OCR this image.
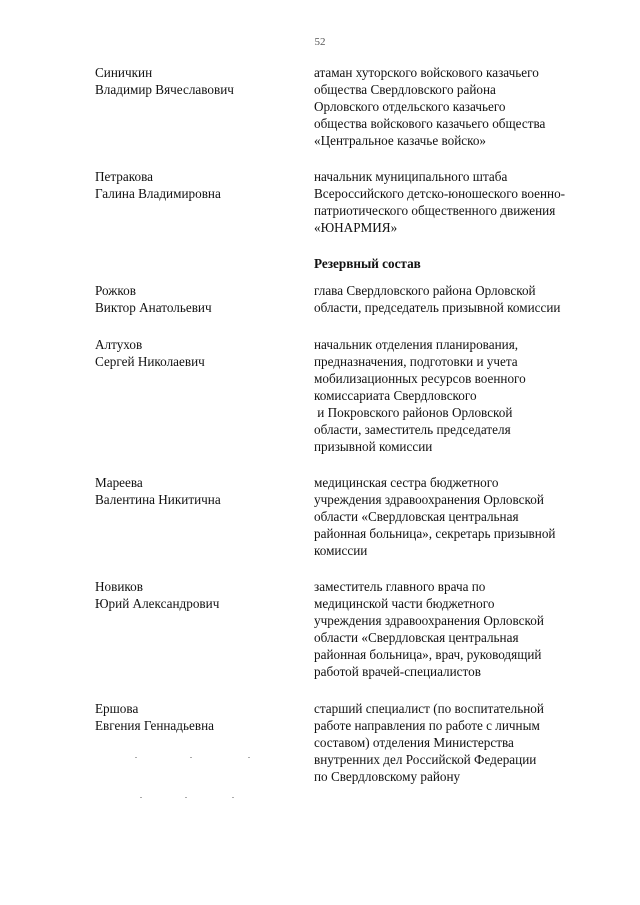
52
Синичкин
Владимир Вячеславович
атаман хуторского войскового казачьего
общества Свердловского района
Орловского отдельского казачьего
общества войскового казачьего общества
«Центральное казачье войско»
Петракова
Галина Владимировна
начальник муниципального штаба
Всероссийского детско-юношеского военно-
патриотического общественного движения
«ЮНАРМИЯ»
Резервный состав
Рожков
Виктор Анатольевич
глава Свердловского района Орловской
области, председатель призывной комиссии
Алтухов
Сергей Николаевич
начальник отделения планирования,
предназначения, подготовки и учета
мобилизационных ресурсов военного
комиссариата Свердловского
и Покровского районов Орловской
области, заместитель председателя
призывной комиссии
Мареева
Валентина Никитична
медицинская сестра бюджетного
учреждения здравоохранения Орловской
области «Свердловская центральная
районная больница», секретарь призывной
комиссии
Новиков
Юрий Александрович
заместитель главного врача по
медицинской части бюджетного
учреждения здравоохранения Орловской
области «Свердловская центральная
районная больница», врач, руководящий
работой врачей-специалистов
Ершова
Евгения Геннадьевна
старший специалист (по воспитательной
работе направления по работе с личным
составом) отделения Министерства
внутренних дел Российской Федерации
по Свердловскому району
